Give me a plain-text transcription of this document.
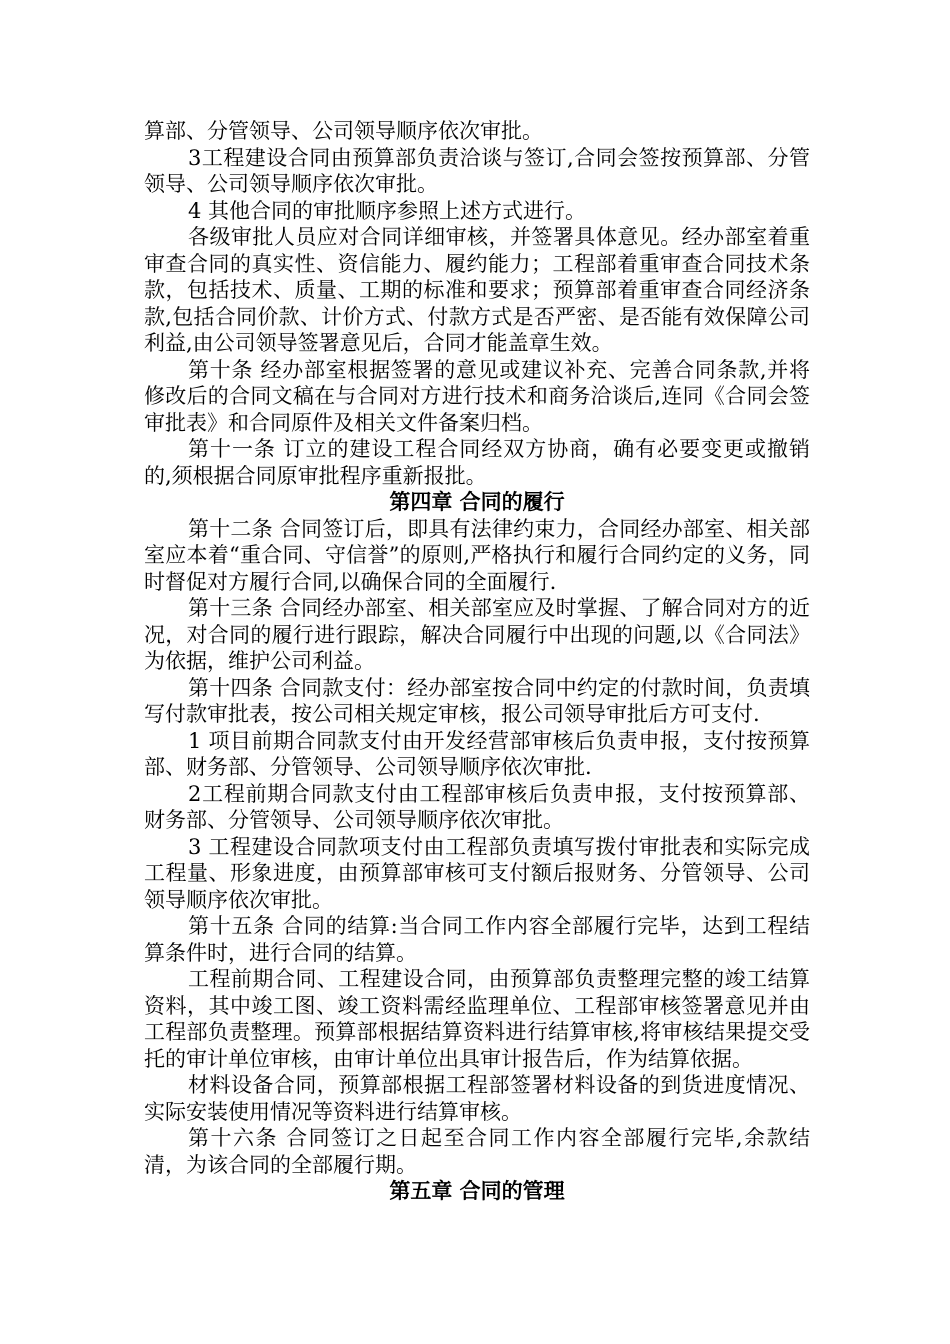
算部、分管领导、公司领导顺序依次审批。

3工程建设合同由预算部负责洽谈与签订,合同会签按预算部、分管领导、公司领导顺序依次审批。

4 其他合同的审批顺序参照上述方式进行。

各级审批人员应对合同详细审核，并签署具体意见。经办部室着重审查合同的真实性、资信能力、履约能力；工程部着重审查合同技术条款，包括技术、质量、工期的标准和要求；预算部着重审查合同经济条款,包括合同价款、计价方式、付款方式是否严密、是否能有效保障公司利益,由公司领导签署意见后，合同才能盖章生效。

第十条 经办部室根据签署的意见或建议补充、完善合同条款,并将修改后的合同文稿在与合同对方进行技术和商务洽谈后,连同《合同会签审批表》和合同原件及相关文件备案归档。

第十一条 订立的建设工程合同经双方协商，确有必要变更或撤销的,须根据合同原审批程序重新报批。

第四章 合同的履行

第十二条 合同签订后，即具有法律约束力，合同经办部室、相关部室应本着“重合同、守信誉”的原则,严格执行和履行合同约定的义务，同时督促对方履行合同,以确保合同的全面履行.

第十三条 合同经办部室、相关部室应及时掌握、了解合同对方的近况，对合同的履行进行跟踪，解决合同履行中出现的问题,以《合同法》为依据，维护公司利益。

第十四条 合同款支付：经办部室按合同中约定的付款时间，负责填写付款审批表，按公司相关规定审核，报公司领导审批后方可支付.

1 项目前期合同款支付由开发经营部审核后负责申报，支付按预算部、财务部、分管领导、公司领导顺序依次审批.

2工程前期合同款支付由工程部审核后负责申报，支付按预算部、财务部、分管领导、公司领导顺序依次审批。

3 工程建设合同款项支付由工程部负责填写拨付审批表和实际完成工程量、形象进度，由预算部审核可支付额后报财务、分管领导、公司领导顺序依次审批。

第十五条 合同的结算:当合同工作内容全部履行完毕，达到工程结算条件时，进行合同的结算。

工程前期合同、工程建设合同，由预算部负责整理完整的竣工结算资料，其中竣工图、竣工资料需经监理单位、工程部审核签署意见并由工程部负责整理。预算部根据结算资料进行结算审核,将审核结果提交受托的审计单位审核，由审计单位出具审计报告后，作为结算依据。

材料设备合同，预算部根据工程部签署材料设备的到货进度情况、实际安装使用情况等资料进行结算审核。

第十六条 合同签订之日起至合同工作内容全部履行完毕,余款结清，为该合同的全部履行期。

第五章 合同的管理
